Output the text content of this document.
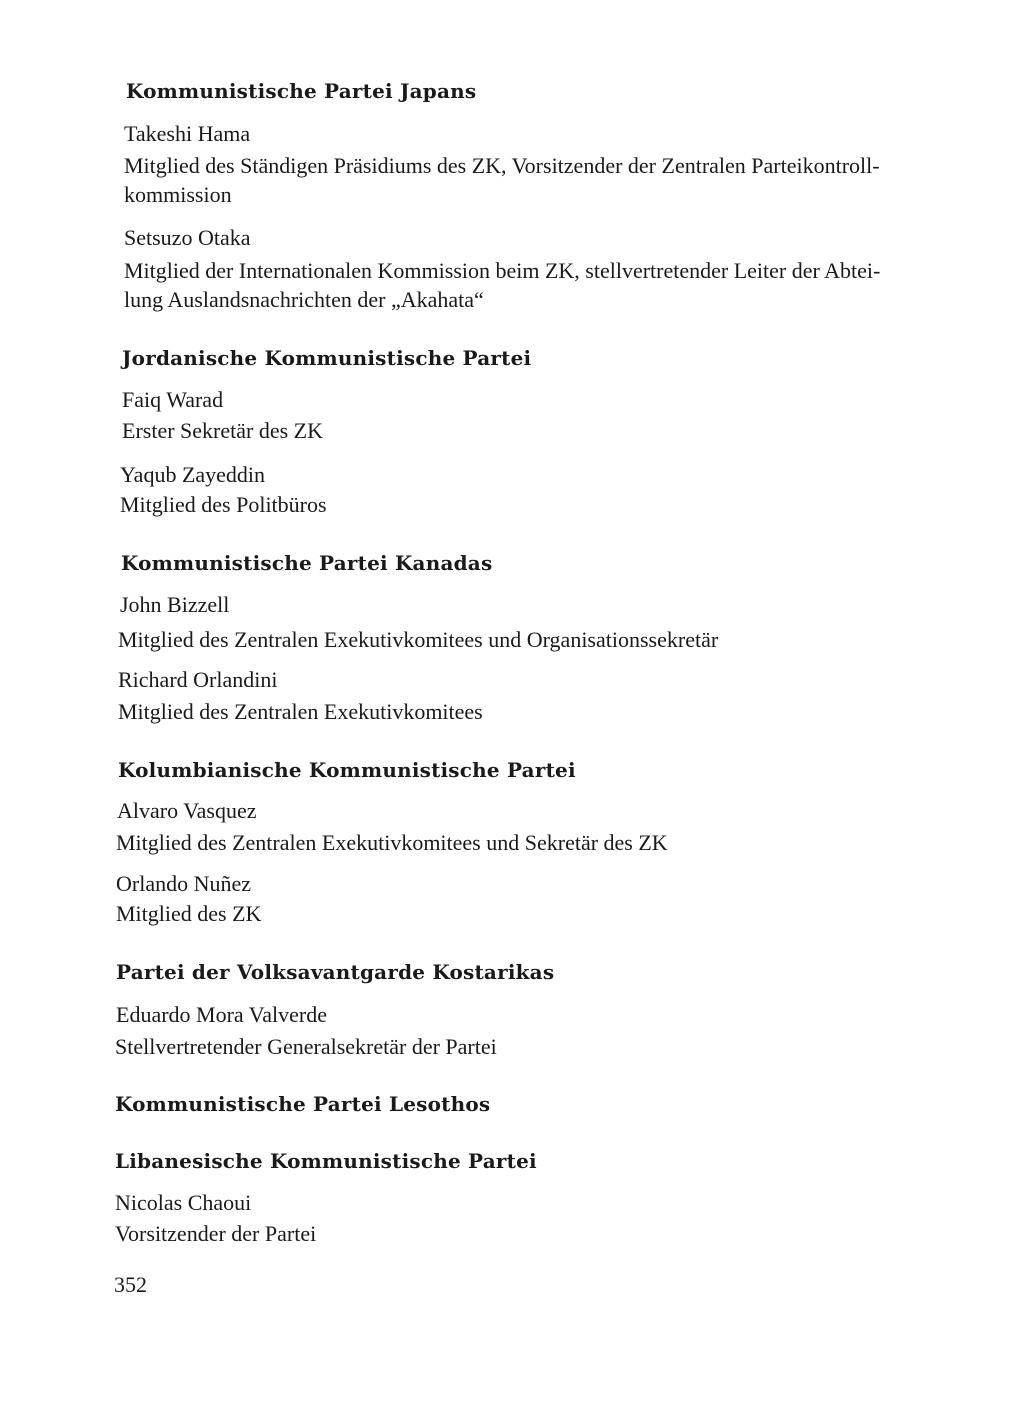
Kommunistische Partei Japans
Takeshi Hama
Mitglied des Ständigen Präsidiums des ZK, Vorsitzender der Zentralen Parteikontroll-
kommission
Setsuzo Otaka
Mitglied der Internationalen Kommission beim ZK, stellvertretender Leiter der Abtei-
lung Auslandsnachrichten der „Akahata“
Jordanische Kommunistische Partei
Faiq Warad
Erster Sekretär des ZK
Yaqub Zayeddin
Mitglied des Politbüros
Kommunistische Partei Kanadas
John Bizzell
Mitglied des Zentralen Exekutivkomitees und Organisationssekretär
Richard Orlandini
Mitglied des Zentralen Exekutivkomitees
Kolumbianische Kommunistische Partei
Alvaro Vasquez
Mitglied des Zentralen Exekutivkomitees und Sekretär des ZK
Orlando Nuñez
Mitglied des ZK
Partei der Volksavantgarde Kostarikas
Eduardo Mora Valverde
Stellvertretender Generalsekretär der Partei
Kommunistische Partei Lesothos
Libanesische Kommunistische Partei
Nicolas Chaoui
Vorsitzender der Partei
352
